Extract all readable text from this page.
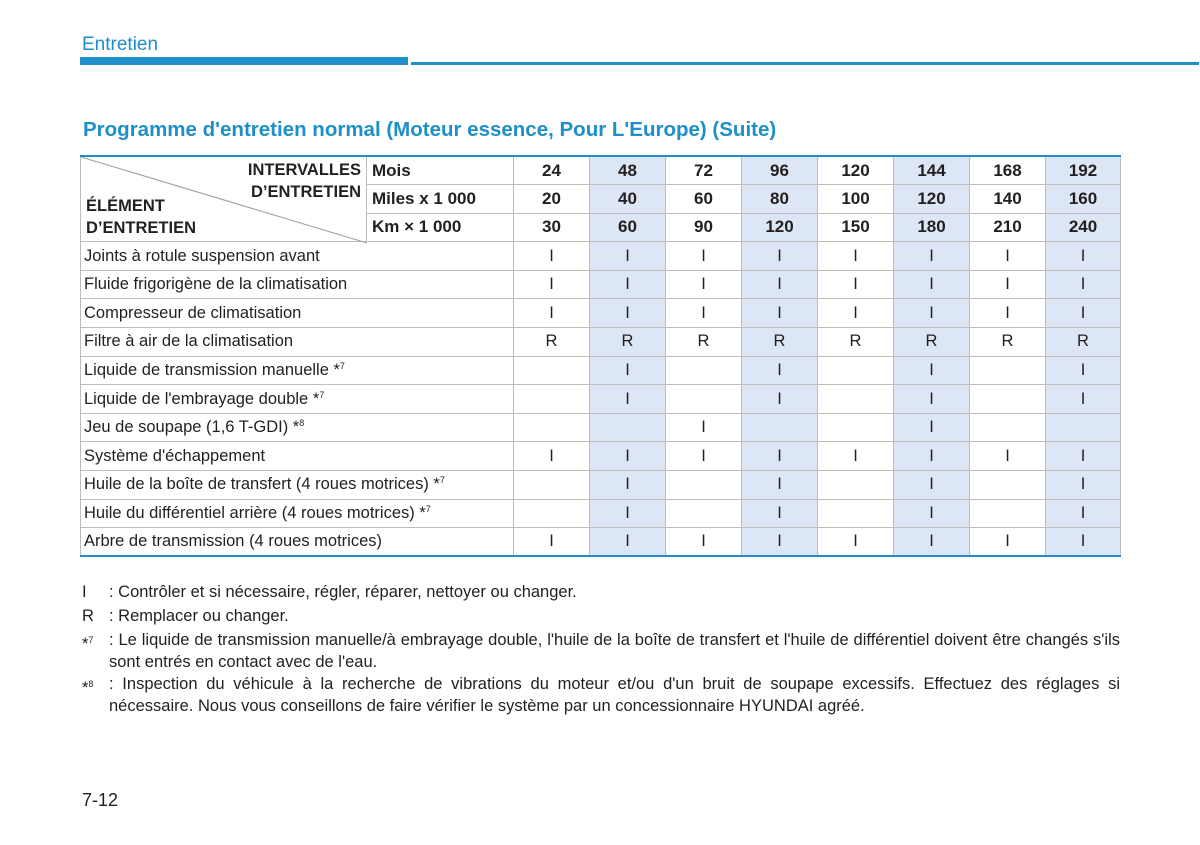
Entretien
Programme d'entretien normal (Moteur essence, Pour L'Europe) (Suite)
INTERVALLES
D’ENTRETIEN
ÉLÉMENT
D’ENTRETIEN	Mois	24	48	72	96	120	144	168	192
	Miles x 1 000	20	40	60	80	100	120	140	160
	Km × 1 000	30	60	90	120	150	180	210	240
Joints à rotule suspension avant		I	I	I	I	I	I	I	I
Fluide frigorigène de la climatisation		I	I	I	I	I	I	I	I
Compresseur de climatisation		I	I	I	I	I	I	I	I
Filtre à air de la climatisation		R	R	R	R	R	R	R	R
Liquide de transmission manuelle *$^7$			I		I		I		I
Liquide de l'embrayage double *$^7$			I		I		I		I
Jeu de soupape (1,6 T-GDI) *$^8$				I			I		
Système d'échappement		I	I	I	I	I	I	I	I
Huile de la boîte de transfert (4 roues motrices) *$^7$			I		I		I		I
Huile du différentiel arrière (4 roues motrices) *$^7$			I		I		I		I
Arbre de transmission (4 roues motrices)		I	I	I	I	I	I	I	I
I : Contrôler et si nécessaire, régler, réparer, nettoyer ou changer.
R : Remplacer ou changer.
*$^7$ : Le liquide de transmission manuelle/à embrayage double, l'huile de la boîte de transfert et l'huile de différentiel doivent être changés s'ils sont entrés en contact avec de l'eau.
*$^8$ : Inspection du véhicule à la recherche de vibrations du moteur et/ou d'un bruit de soupape excessifs. Effectuez des réglages si nécessaire. Nous vous conseillons de faire vérifier le système par un concessionnaire HYUNDAI agréé.
7-12
